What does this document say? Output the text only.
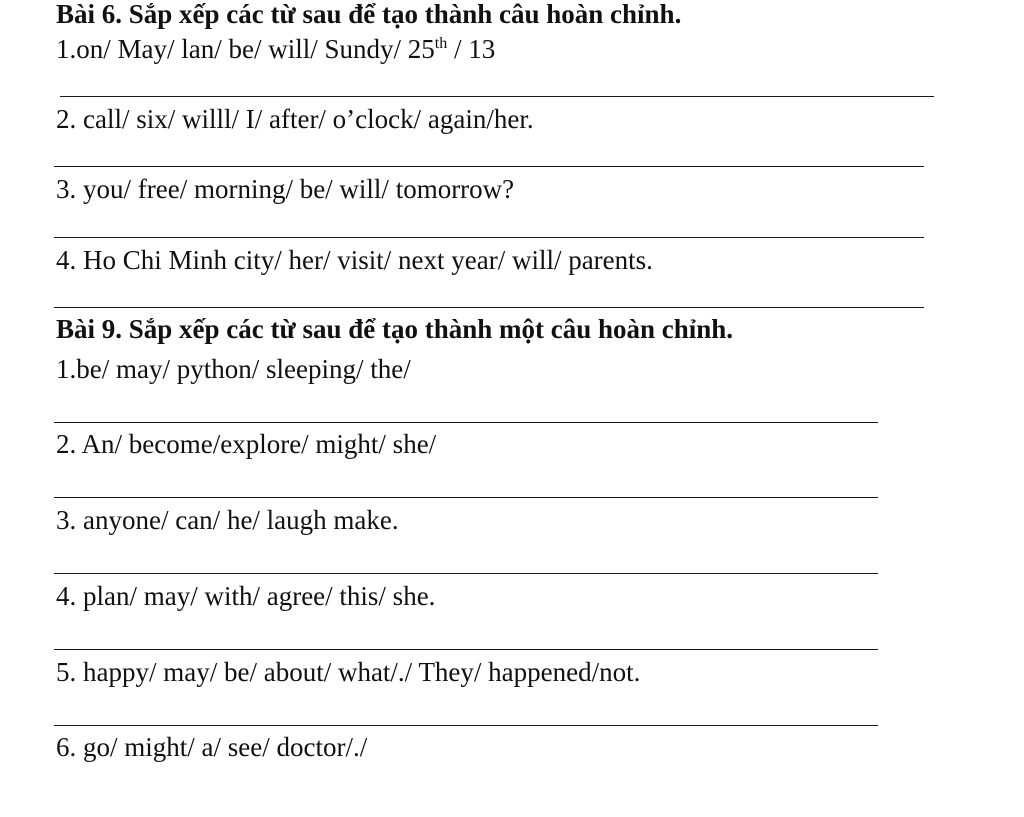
Bài 6. Sắp xếp các từ sau để tạo thành câu hoàn chỉnh.
1.on/ May/ lan/ be/ will/ Sundy/ 25th / 13
2. call/ six/ willl/ I/ after/ o’clock/ again/her.
3. you/ free/ morning/ be/ will/ tomorrow?
4. Ho Chi Minh city/ her/ visit/ next year/ will/ parents.
Bài 9. Sắp xếp các từ sau để tạo thành một câu hoàn chỉnh.
1.be/ may/ python/ sleeping/ the/
2. An/ become/explore/ might/ she/
3. anyone/ can/ he/ laugh make.
4. plan/ may/ with/ agree/ this/ she.
5. happy/ may/ be/ about/ what/./ They/ happened/not.
6. go/ might/ a/ see/ doctor/./
